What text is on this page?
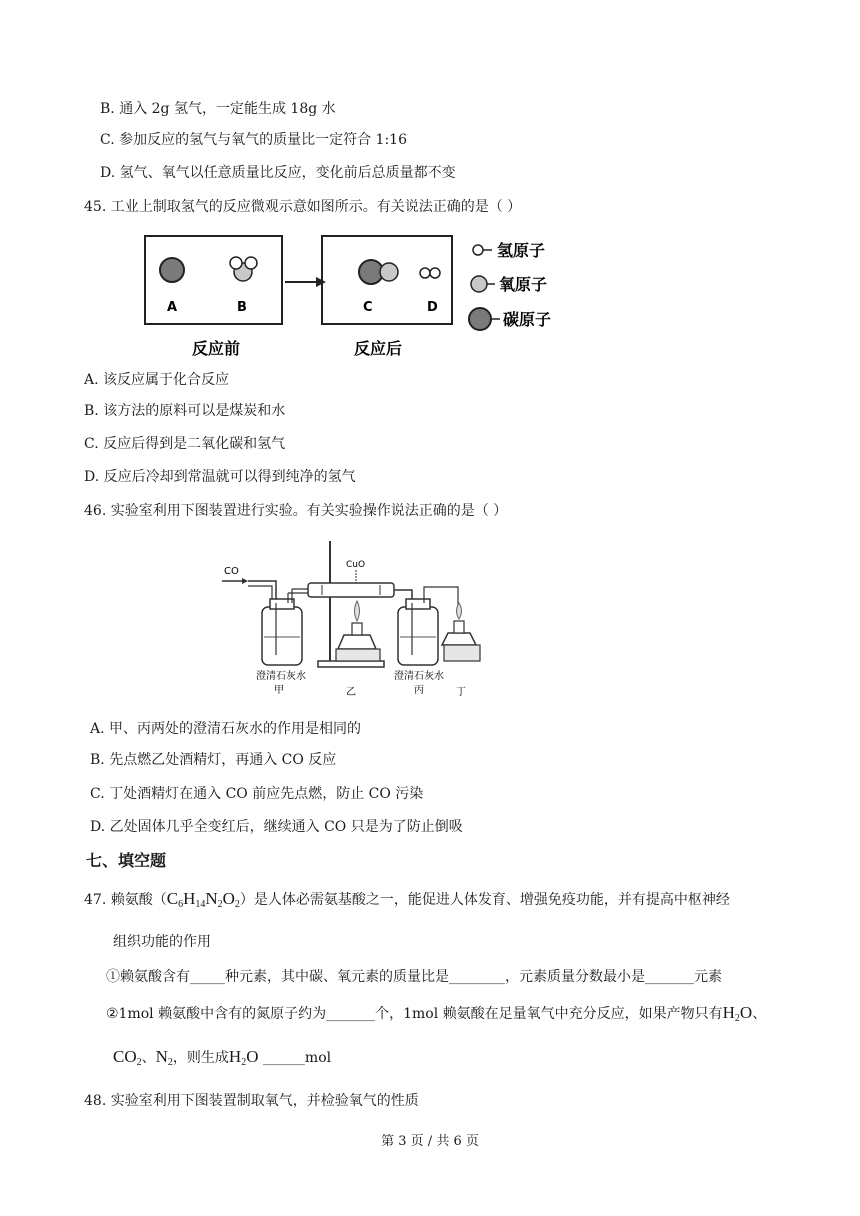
B. 通入 2g 氢气，一定能生成 18g 水
C. 参加反应的氢气与氧气的质量比一定符合 1:16
D. 氢气、氧气以任意质量比反应，变化前后总质量都不变
45. 工业上制取氢气的反应微观示意如图所示。有关说法正确的是（ ）
A	B	C	D
反应前	反应后
氢原子
氧原子
碳原子
A. 该反应属于化合反应
B. 该方法的原料可以是煤炭和水
C. 反应后得到是二氧化碳和氢气
D. 反应后冷却到常温就可以得到纯净的氢气
46. 实验室利用下图装置进行实验。有关实验操作说法正确的是（ ）
CO
CuO
澄清石灰水	澄清石灰水
甲	乙	丙	丁
A. 甲、丙两处的澄清石灰水的作用是相同的
B. 先点燃乙处酒精灯，再通入 CO 反应
C. 丁处酒精灯在通入 CO 前应先点燃，防止 CO 污染
D. 乙处固体几乎全变红后，继续通入 CO 只是为了防止倒吸
七、填空题
47. 赖氨酸$(C_6H_{14}N_2O_2)$是人体必需氨基酸之一，能促进人体发育、增强免疫功能，并有提高中枢神经
组织功能的作用
①赖氨酸含有_____种元素，其中碳、氧元素的质量比是________，元素质量分数最小是_______元素
②1mol 赖氨酸中含有的氮原子约为_______个，1mol 赖氨酸在足量氧气中充分反应，如果产物只有$H_2O$、
$CO_2$、$N_2$，则生成$H_2O$ ______mol
48. 实验室利用下图装置制取氧气，并检验氧气的性质
第 3 页 / 共 6 页
